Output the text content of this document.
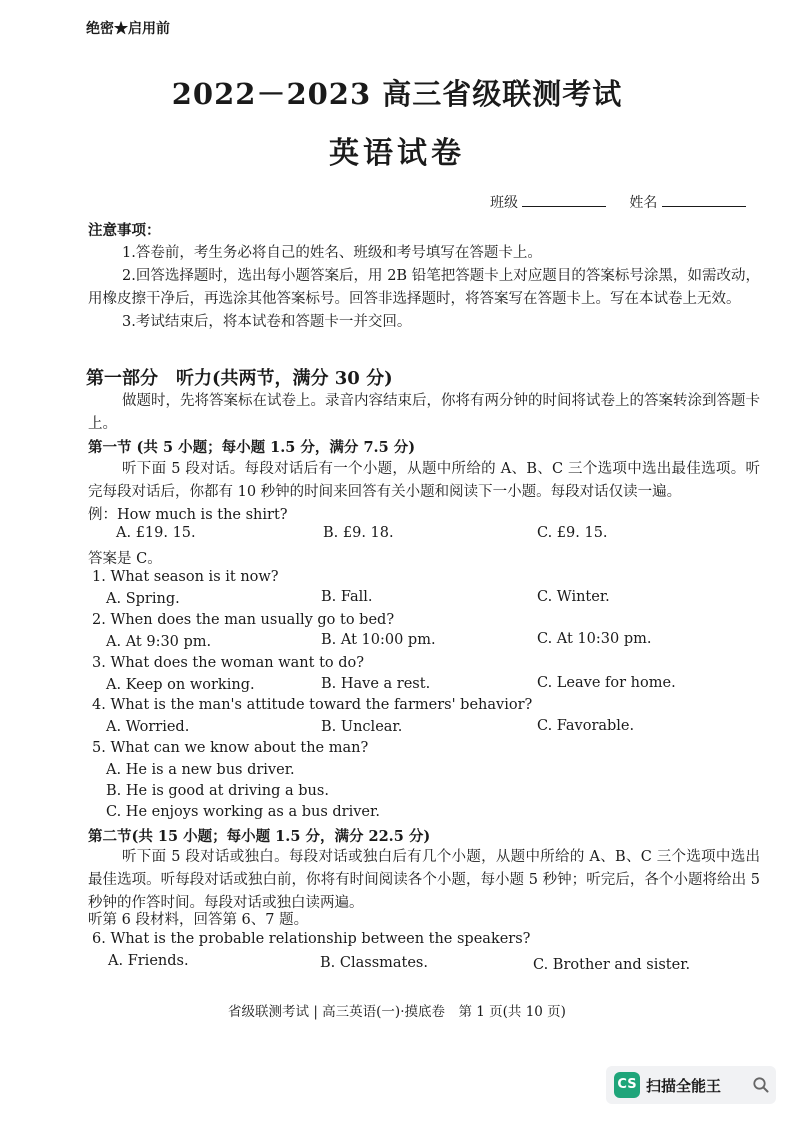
绝密★启用前
2022－2023 高三省级联测考试
英语试卷
班级	姓名
注意事项：
1.答卷前，考生务必将自己的姓名、班级和考号填写在答题卡上。
2.回答选择题时，选出每小题答案后，用 2B 铅笔把答题卡上对应题目的答案标号涂黑，如需改动，用橡皮擦干净后，再选涂其他答案标号。回答非选择题时，将答案写在答题卡上。写在本试卷上无效。
3.考试结束后，将本试卷和答题卡一并交回。
第一部分　听力(共两节，满分 30 分)
做题时，先将答案标在试卷上。录音内容结束后，你将有两分钟的时间将试卷上的答案转涂到答题卡上。
第一节 (共 5 小题；每小题 1.5 分，满分 7.5 分)
听下面 5 段对话。每段对话后有一个小题，从题中所给的 A、B、C 三个选项中选出最佳选项。听完每段对话后，你都有 10 秒钟的时间来回答有关小题和阅读下一小题。每段对话仅读一遍。
例：How much is the shirt?
A. £19. 15.	B. £9. 18.	C. £9. 15.
答案是 C。
1. What season is it now?
A. Spring.	B. Fall.	C. Winter.
2. When does the man usually go to bed?
A. At 9:30 pm.	B. At 10:00 pm.	C. At 10:30 pm.
3. What does the woman want to do?
A. Keep on working.	B. Have a rest.	C. Leave for home.
4. What is the man's attitude toward the farmers' behavior?
A. Worried.	B. Unclear.	C. Favorable.
5. What can we know about the man?
A. He is a new bus driver.
B. He is good at driving a bus.
C. He enjoys working as a bus driver.
第二节(共 15 小题；每小题 1.5 分，满分 22.5 分)
听下面 5 段对话或独白。每段对话或独白后有几个小题，从题中所给的 A、B、C 三个选项中选出最佳选项。听每段对话或独白前，你将有时间阅读各个小题，每小题 5 秒钟；听完后，各个小题将给出 5 秒钟的作答时间。每段对话或独白读两遍。
听第 6 段材料，回答第 6、7 题。
6. What is the probable relationship between the speakers?
A. Friends.	B. Classmates.	C. Brother and sister.
省级联测考试 | 高三英语(一)·摸底卷　第 1 页(共 10 页)
CS 扫描全能王
